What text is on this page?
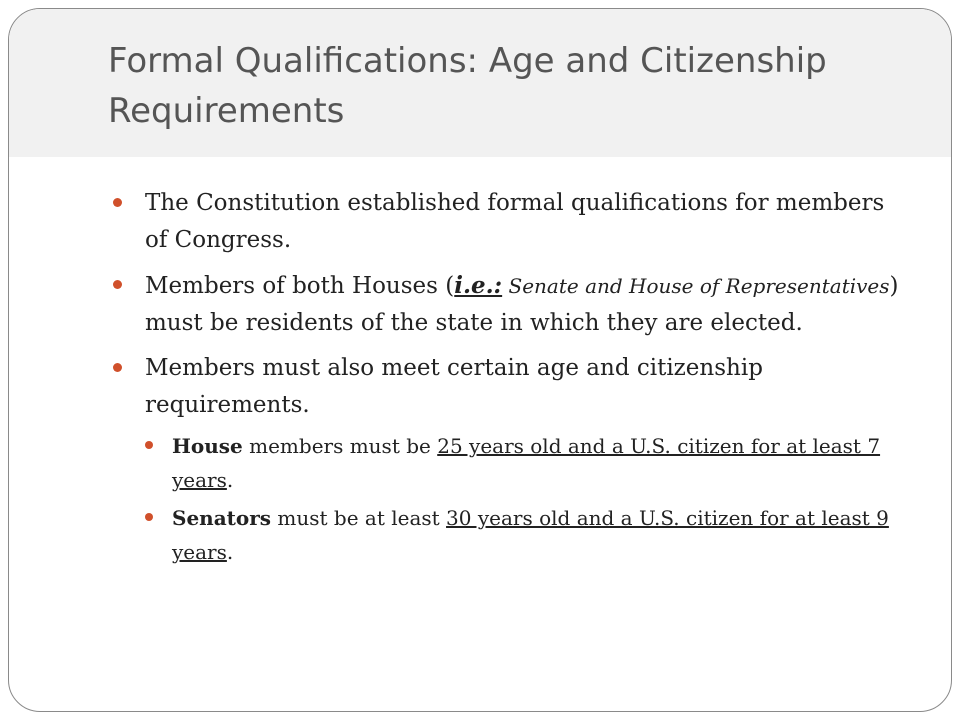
Formal Qualifications: Age and Citizenship Requirements
The Constitution established formal qualifications for members of Congress.
Members of both Houses (i.e.: Senate and House of Representatives) must be residents of the state in which they are elected.
Members must also meet certain age and citizenship requirements.
House members must be 25 years old and a U.S. citizen for at least 7 years.
Senators must be at least 30 years old and a U.S. citizen for at least 9 years.
